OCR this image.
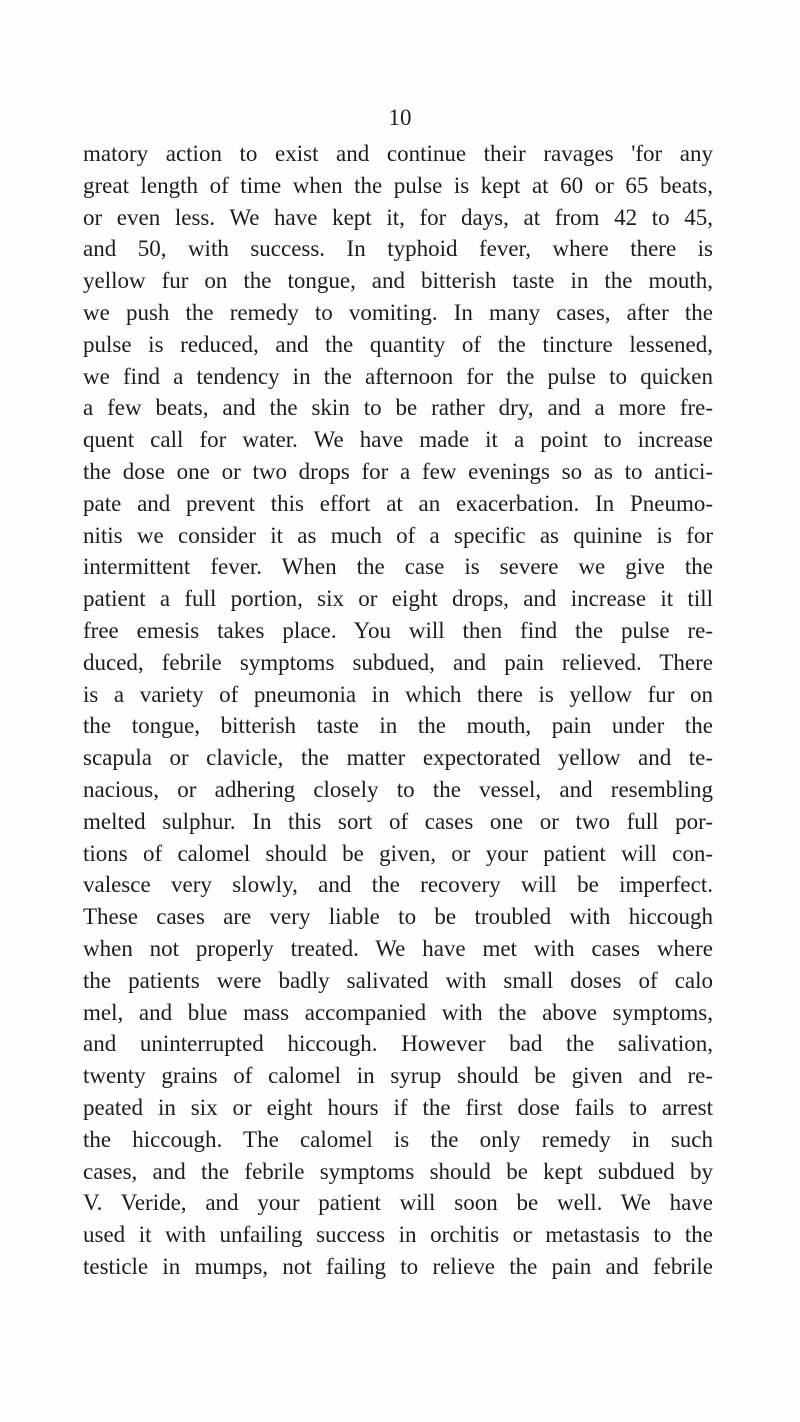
10
matory action to exist and continue their ravages 'for any
great length of time when the pulse is kept at 60 or 65 beats,
or even less. We have kept it, for days, at from 42 to 45,
and 50, with success. In typhoid fever, where there is
yellow fur on the tongue, and bitterish taste in the mouth,
we push the remedy to vomiting. In many cases, after the
pulse is reduced, and the quantity of the tincture lessened,
we find a tendency in the afternoon for the pulse to quicken
a few beats, and the skin to be rather dry, and a more fre-
quent call for water. We have made it a point to increase
the dose one or two drops for a few evenings so as to antici-
pate and prevent this effort at an exacerbation. In Pneumo-
nitis we consider it as much of a specific as quinine is for
intermittent fever. When the case is severe we give the
patient a full portion, six or eight drops, and increase it till
free emesis takes place. You will then find the pulse re-
duced, febrile symptoms subdued, and pain relieved. There
is a variety of pneumonia in which there is yellow fur on
the tongue, bitterish taste in the mouth, pain under the
scapula or clavicle, the matter expectorated yellow and te-
nacious, or adhering closely to the vessel, and resembling
melted sulphur. In this sort of cases one or two full por-
tions of calomel should be given, or your patient will con-
valesce very slowly, and the recovery will be imperfect.
These cases are very liable to be troubled with hiccough
when not properly treated. We have met with cases where
the patients were badly salivated with small doses of calo
mel, and blue mass accompanied with the above symptoms,
and uninterrupted hiccough. However bad the salivation,
twenty grains of calomel in syrup should be given and re-
peated in six or eight hours if the first dose fails to arrest
the hiccough. The calomel is the only remedy in such
cases, and the febrile symptoms should be kept subdued by
V. Veride, and your patient will soon be well. We have
used it with unfailing success in orchitis or metastasis to the
testicle in mumps, not failing to relieve the pain and febrile
